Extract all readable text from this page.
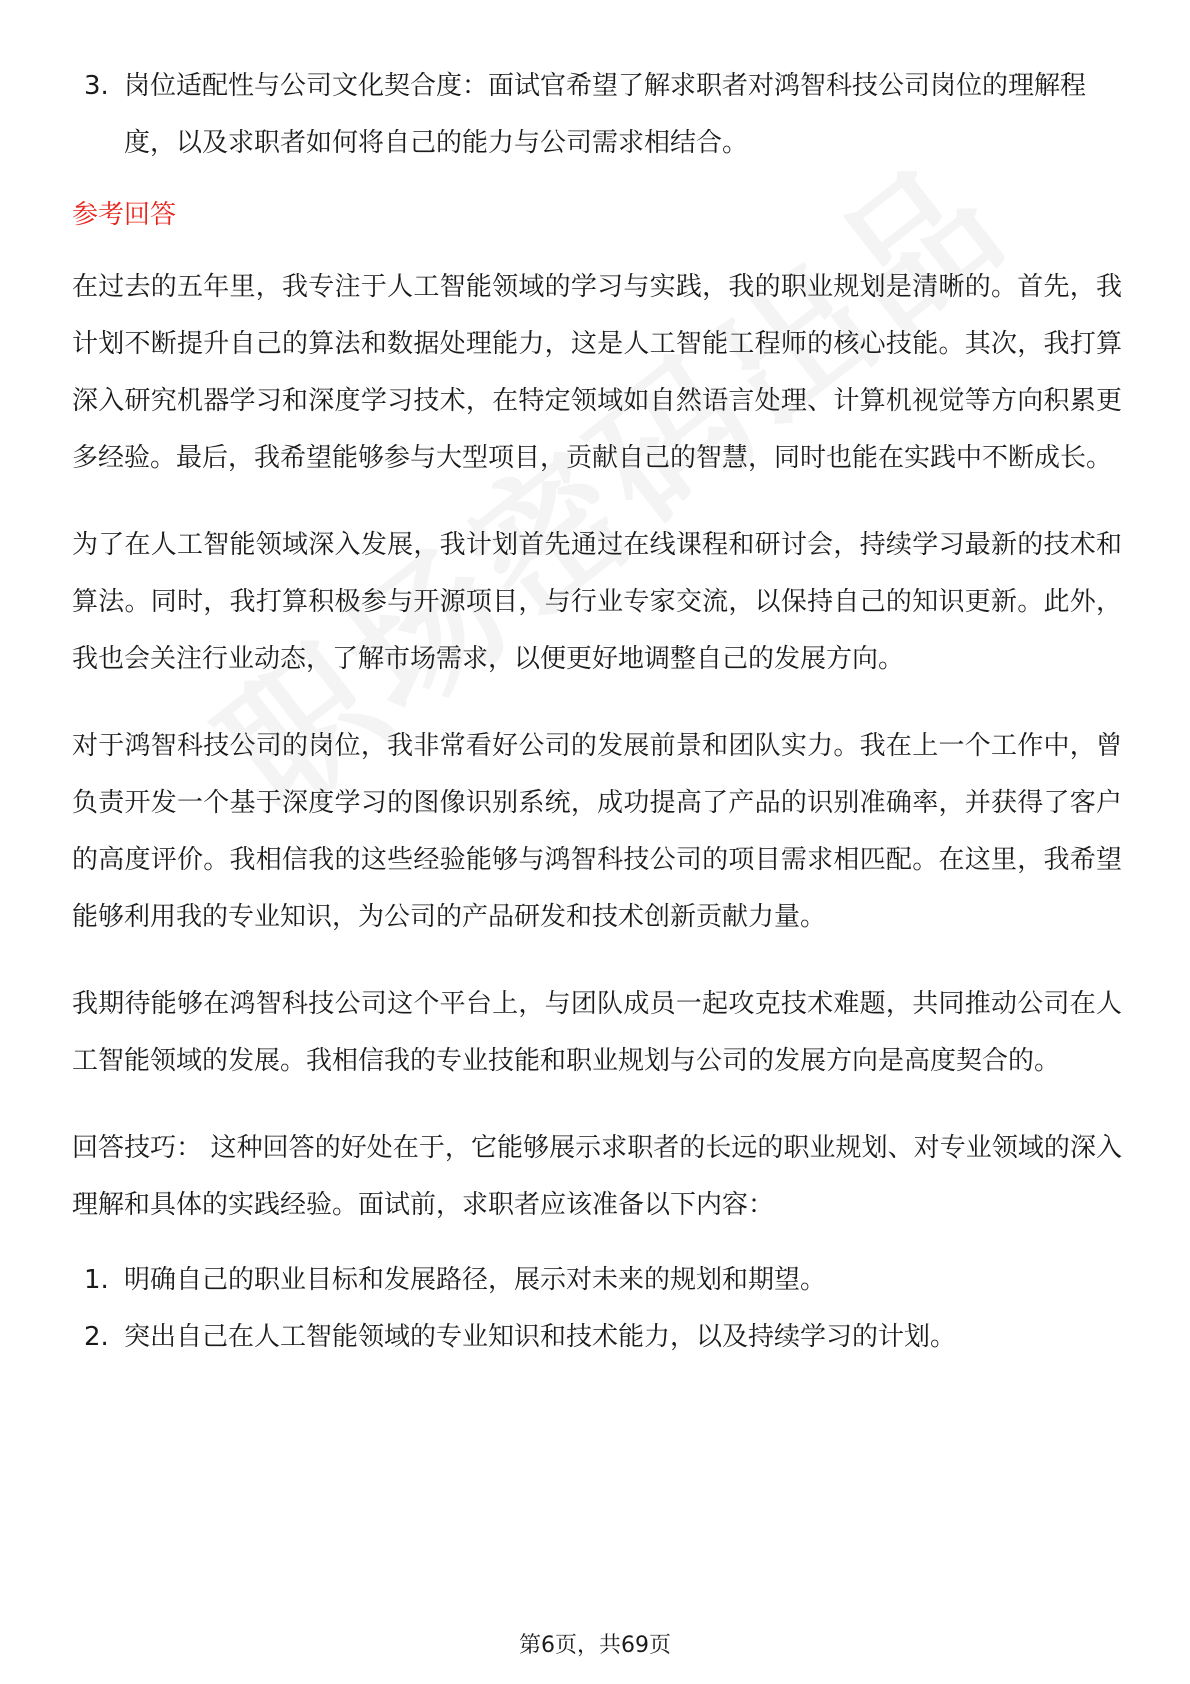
3. 岗位适配性与公司文化契合度：面试官希望了解求职者对鸿智科技公司岗位的理解程度，以及求职者如何将自己的能力与公司需求相结合。
参考回答

在过去的五年里，我专注于人工智能领域的学习与实践，我的职业规划是清晰的。首先，我计划不断提升自己的算法和数据处理能力，这是人工智能工程师的核心技能。其次，我打算深入研究机器学习和深度学习技术，在特定领域如自然语言处理、计算机视觉等方向积累更多经验。最后，我希望能够参与大型项目，贡献自己的智慧，同时也能在实践中不断成长。

为了在人工智能领域深入发展，我计划首先通过在线课程和研讨会，持续学习最新的技术和算法。同时，我打算积极参与开源项目，与行业专家交流，以保持自己的知识更新。此外，我也会关注行业动态，了解市场需求，以便更好地调整自己的发展方向。

对于鸿智科技公司的岗位，我非常看好公司的发展前景和团队实力。我在上一个工作中，曾负责开发一个基于深度学习的图像识别系统，成功提高了产品的识别准确率，并获得了客户的高度评价。我相信我的这些经验能够与鸿智科技公司的项目需求相匹配。在这里，我希望能够利用我的专业知识，为公司的产品研发和技术创新贡献力量。

我期待能够在鸿智科技公司这个平台上，与团队成员一起攻克技术难题，共同推动公司在人工智能领域的发展。我相信我的专业技能和职业规划与公司的发展方向是高度契合的。

回答技巧： 这种回答的好处在于，它能够展示求职者的长远的职业规划、对专业领域的深入理解和具体的实践经验。面试前，求职者应该准备以下内容：

1. 明确自己的职业目标和发展路径，展示对未来的规划和期望。
2. 突出自己在人工智能领域的专业知识和技术能力，以及持续学习的计划。
第6页，共69页
